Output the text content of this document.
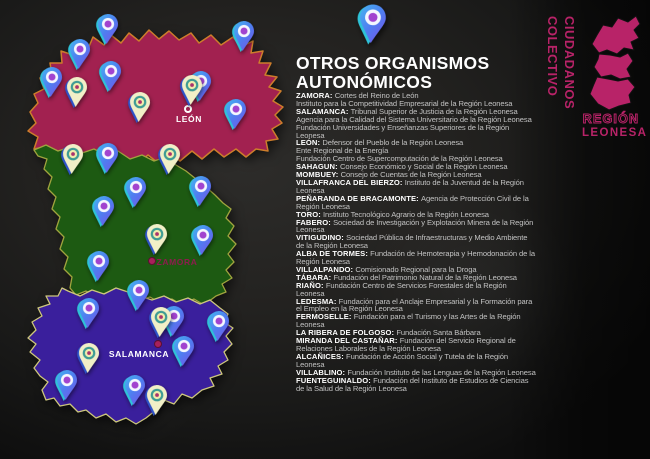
LEÓN
ZAMORA
SALAMANCA
OTROS ORGANISMOS
AUTONÓMICOS

ZAMORA: Cortes del Reino de León

Instituto para la Competitividad Empresarial de la Región Leonesa

SALAMANCA: Tribunal Superior de Justicia de la Región Leonesa

Agencia para la Calidad del Sistema Universitario de la Región Leonesa

Fundación Universidades y Enseñanzas Superiores de la Región Leonesa

LEÓN: Defensor del Pueblo de la Región Leonesa

Ente Regional de la Energía

Fundación Centro de Supercomputación de la Región Leonesa

SAHAGUN: Consejo Económico y Social de la Región Leonesa

MOMBUEY: Consejo de Cuentas de la Región Leonesa

VILLAFRANCA DEL BIERZO: Instituto de la Juventud de la Región Leonesa

PEÑARANDA DE BRACAMONTE: Agencia de Protección Civil de la Región Leonesa

TORO: Instituto Tecnológico Agrario de la Región Leonesa

FABERO: Sociedad de Investigación y Explotación Minera de la Región Leonesa

VITIGUDINO: Sociedad Pública de Infraestructuras y Medio Ambiente de la Región Leonesa

ALBA DE TORMES: Fundación de Hemoterapia y Hemodonación de la Región Leonesa

VILLALPANDO: Comisionado Regional para la Droga

TÁBARA: Fundación del Patrimonio Natural de la Región Leonesa

RIAÑO: Fundación Centro de Servicios Forestales de la Región Leonesa

LEDESMA: Fundación para el Anclaje Empresarial y la Formación para el Empleo en la Región Leonesa

FERMOSELLE: Fundación para el Turismo y las Artes de la Región Leonesa

LA RIBERA DE FOLGOSO: Fundación Santa Bárbara

MIRANDA DEL CASTAÑAR: Fundación del Servicio Regional de Relaciones Laborales de la Región Leonesa

ALCAÑICES: Fundación de Acción Social y Tutela de la Región Leonesa

VILLABLINO: Fundación Instituto de las Lenguas de la Región Leonesa

FUENTEGUINALDO: Fundación del Instituto de Estudios de Ciencias de la Salud de la Región Leonesa

COLECTIVO CIUDADANOS
REGIÓN
LEONESA
